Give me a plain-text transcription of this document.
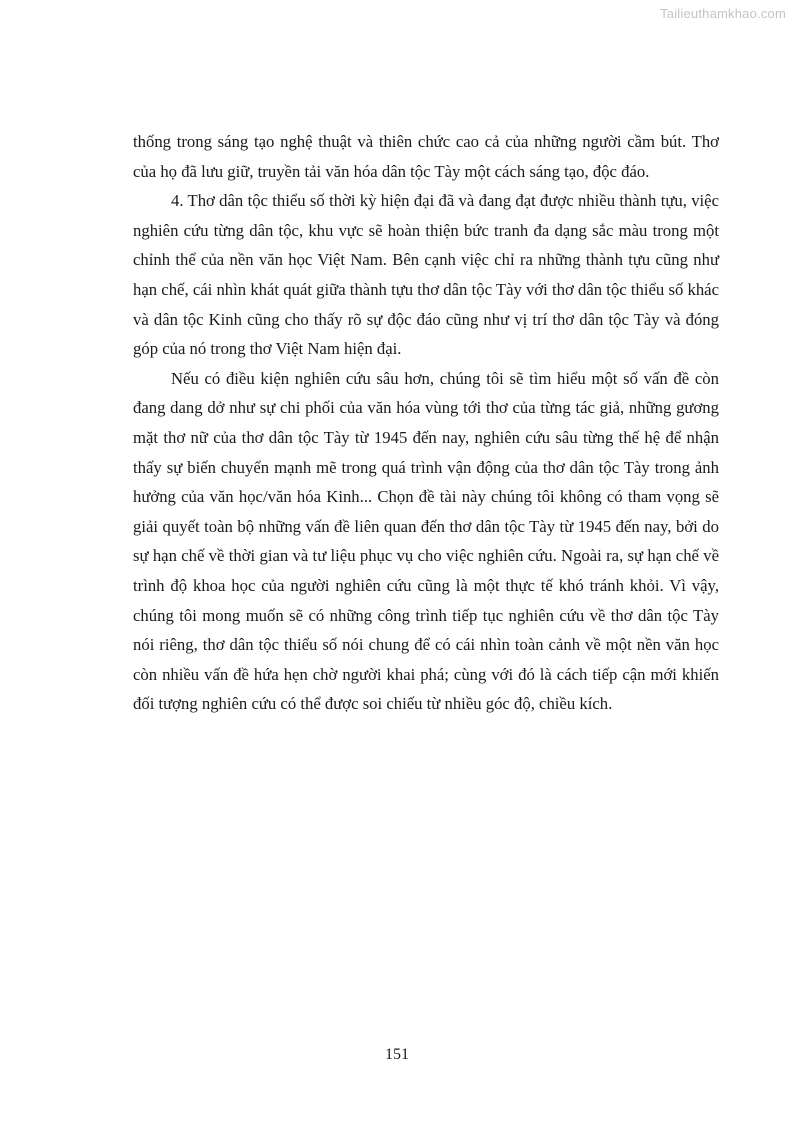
Tailieuthamkhao.com

thống trong sáng tạo nghệ thuật và thiên chức cao cả của những người cầm bút. Thơ của họ đã lưu giữ, truyền tải văn hóa dân tộc Tày một cách sáng tạo, độc đáo.

4. Thơ dân tộc thiểu số thời kỳ hiện đại đã và đang đạt được nhiều thành tựu, việc nghiên cứu từng dân tộc, khu vực sẽ hoàn thiện bức tranh đa dạng sắc màu trong một chỉnh thể của nền văn học Việt Nam. Bên cạnh việc chỉ ra những thành tựu cũng như hạn chế, cái nhìn khát quát giữa thành tựu thơ dân tộc Tày với thơ dân tộc thiểu số khác và dân tộc Kinh cũng cho thấy rõ sự độc đáo cũng như vị trí thơ dân tộc Tày và đóng góp của nó trong thơ Việt Nam hiện đại.

Nếu có điều kiện nghiên cứu sâu hơn, chúng tôi sẽ tìm hiểu một số vấn đề còn đang dang dở như sự chi phối của văn hóa vùng tới thơ của từng tác giả, những gương mặt thơ nữ của thơ dân tộc Tày từ 1945 đến nay, nghiên cứu sâu từng thế hệ để nhận thấy sự biến chuyển mạnh mẽ trong quá trình vận động của thơ dân tộc Tày trong ảnh hưởng của văn học/văn hóa Kinh... Chọn đề tài này chúng tôi không có tham vọng sẽ giải quyết toàn bộ những vấn đề liên quan đến thơ dân tộc Tày từ 1945 đến nay, bởi do sự hạn chế về thời gian và tư liệu phục vụ cho việc nghiên cứu. Ngoài ra, sự hạn chế về trình độ khoa học của người nghiên cứu cũng là một thực tế khó tránh khỏi. Vì vậy, chúng tôi mong muốn sẽ có những công trình tiếp tục nghiên cứu về thơ dân tộc Tày nói riêng, thơ dân tộc thiểu số nói chung để có cái nhìn toàn cảnh về một nền văn học còn nhiều vấn đề hứa hẹn chờ người khai phá; cùng với đó là cách tiếp cận mới khiến đối tượng nghiên cứu có thể được soi chiếu từ nhiều góc độ, chiều kích.

151
